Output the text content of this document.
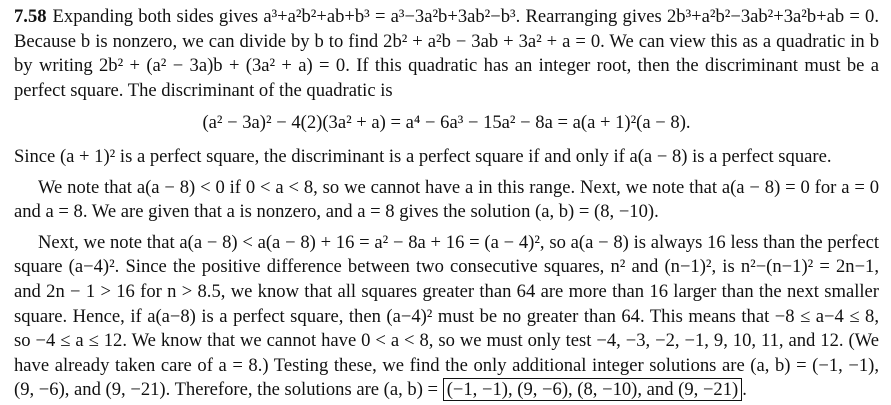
7.58 Expanding both sides gives a³+a²b²+ab+b³ = a³−3a²b+3ab²−b³. Rearranging gives 2b³+a²b²−3ab²+3a²b+ab = 0. Because b is nonzero, we can divide by b to find 2b² + a²b − 3ab + 3a² + a = 0. We can view this as a quadratic in b by writing 2b² + (a² − 3a)b + (3a² + a) = 0. If this quadratic has an integer root, then the discriminant must be a perfect square. The discriminant of the quadratic is

(a² − 3a)² − 4(2)(3a² + a) = a⁴ − 6a³ − 15a² − 8a = a(a + 1)²(a − 8).

Since (a + 1)² is a perfect square, the discriminant is a perfect square if and only if a(a − 8) is a perfect square.

We note that a(a − 8) < 0 if 0 < a < 8, so we cannot have a in this range. Next, we note that a(a − 8) = 0 for a = 0 and a = 8. We are given that a is nonzero, and a = 8 gives the solution (a, b) = (8, −10).

Next, we note that a(a − 8) < a(a − 8) + 16 = a² − 8a + 16 = (a − 4)², so a(a − 8) is always 16 less than the perfect square (a−4)². Since the positive difference between two consecutive squares, n² and (n−1)², is n²−(n−1)² = 2n−1, and 2n − 1 > 16 for n > 8.5, we know that all squares greater than 64 are more than 16 larger than the next smaller square. Hence, if a(a−8) is a perfect square, then (a−4)² must be no greater than 64. This means that −8 ≤ a−4 ≤ 8, so −4 ≤ a ≤ 12. We know that we cannot have 0 < a < 8, so we must only test −4, −3, −2, −1, 9, 10, 11, and 12. (We have already taken care of a = 8.) Testing these, we find the only additional integer solutions are (a, b) = (−1, −1), (9, −6), and (9, −21). Therefore, the solutions are (a, b) = (−1, −1), (9, −6), (8, −10), and (9, −21) .
